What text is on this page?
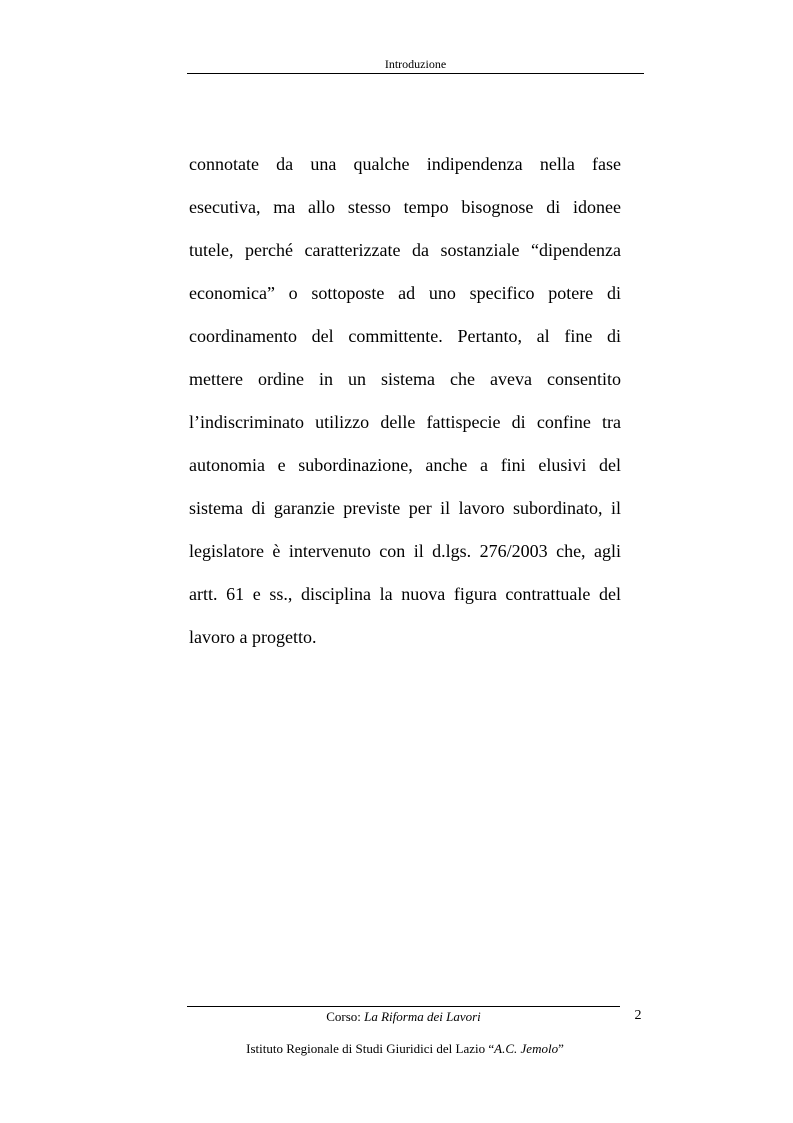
Introduzione
connotate da una qualche indipendenza nella fase
esecutiva, ma allo stesso tempo bisognose di idonee
tutele, perché caratterizzate da sostanziale “dipendenza
economica” o sottoposte ad uno specifico potere di
coordinamento del committente. Pertanto, al fine di
mettere ordine in un sistema che aveva consentito
l’indiscriminato utilizzo delle fattispecie di confine tra
autonomia e subordinazione, anche a fini elusivi del
sistema di garanzie previste per il lavoro subordinato, il
legislatore è intervenuto con il d.lgs. 276/2003 che, agli
artt. 61 e ss., disciplina la nuova figura contrattuale del
lavoro a progetto.
Corso: La Riforma dei Lavori	2
Istituto Regionale di Studi Giuridici del Lazio “A.C. Jemolo”
